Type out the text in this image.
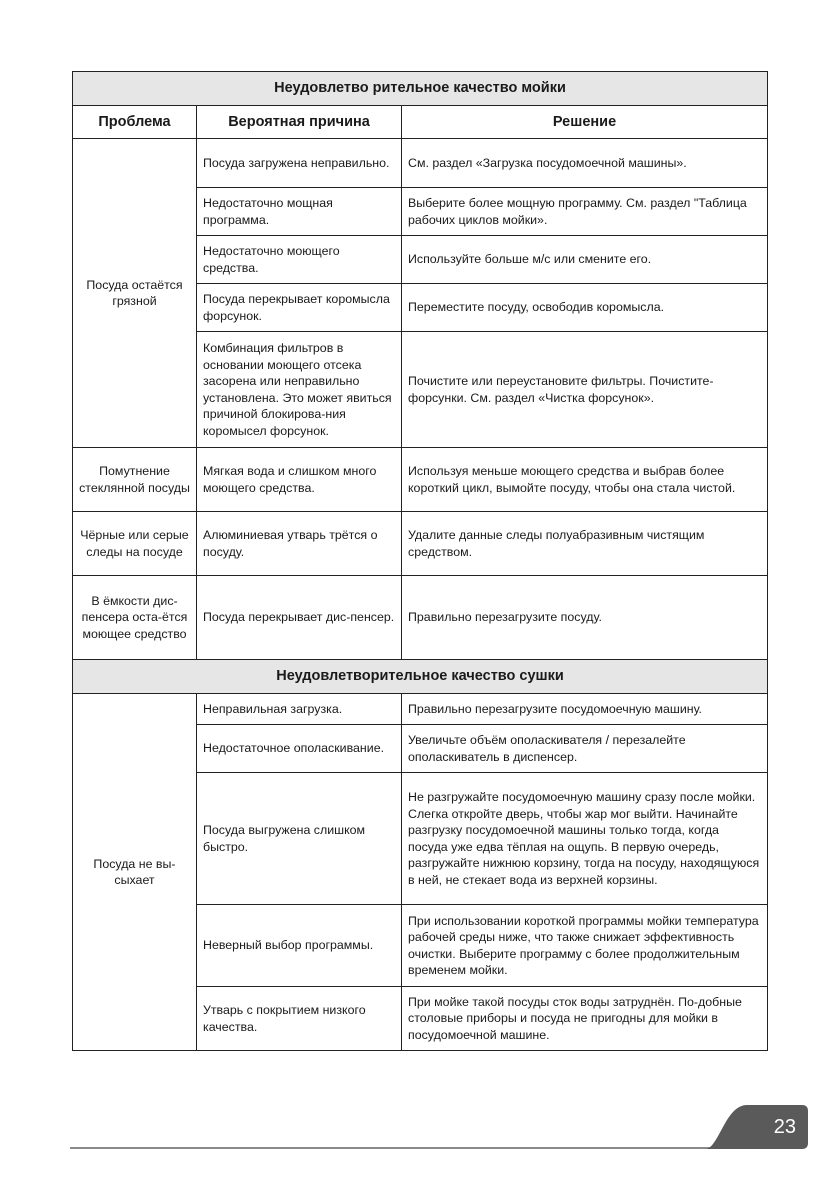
Неудовлетво рительное качество мойки		
Проблема	Вероятная причина	Решение
Посуда остаётся грязной	Посуда загружена неправильно.	См. раздел «Загрузка посудомоечной машины».
	Недостаточно мощная программа.	Выберите более мощную программу. См. раздел "Таблица рабочих циклов мойки».
	Недостаточно моющего средства.	Используйте больше м/с или смените его.
	Посуда перекрывает коромысла форсунок.	Переместите посуду, освободив коромысла.
	Комбинация фильтров в основании моющего отсека засорена или неправильно установлена. Это может явиться причиной блокирова-ния коромысел форсунок.	Почистите или переустановите фильтры. Почистите- форсунки. См. раздел «Чистка форсунок».
Помутнение стеклянной посуды	Мягкая вода и слишком много моющего средства.	Используя меньше моющего средства и выбрав более короткий цикл, вымойте посуду, чтобы она стала чистой.
Чёрные или серые следы на посуде	Алюминиевая утварь трётся о посуду.	Удалите данные следы полуабразивным чистящим средством.
В ёмкости дис-пенсера оста-ётся моющее средство	Посуда перекрывает дис-пенсер.	Правильно перезагрузите посуду.
Неудовлетворительное качество сушки		
Посуда не вы-сыхает	Неправильная загрузка.	Правильно перезагрузите посудомоечную машину.
	Недостаточное ополаскивание.	Увеличьте объём ополаскивателя / перезалейте ополаскиватель в диспенсер.
	Посуда выгружена слишком быстро.	Не разгружайте посудомоечную машину сразу после мойки. Слегка откройте дверь, чтобы жар мог выйти. Начинайте разгрузку посудомоечной машины только тогда, когда посуда уже едва тёплая на ощупь. В первую очередь, разгружайте нижнюю корзину, тогда на посуду, находящуюся в ней, не стекает вода из верхней корзины.
	Неверный выбор программы.	При использовании короткой программы мойки температура рабочей среды ниже, что также снижает эффективность очистки. Выберите программу с более продолжительным временем мойки.
	Утварь с покрытием низкого качества.	При мойке такой посуды сток воды затруднён. По-добные столовые приборы и посуда не пригодны для мойки в посудомоечной машине.
23
